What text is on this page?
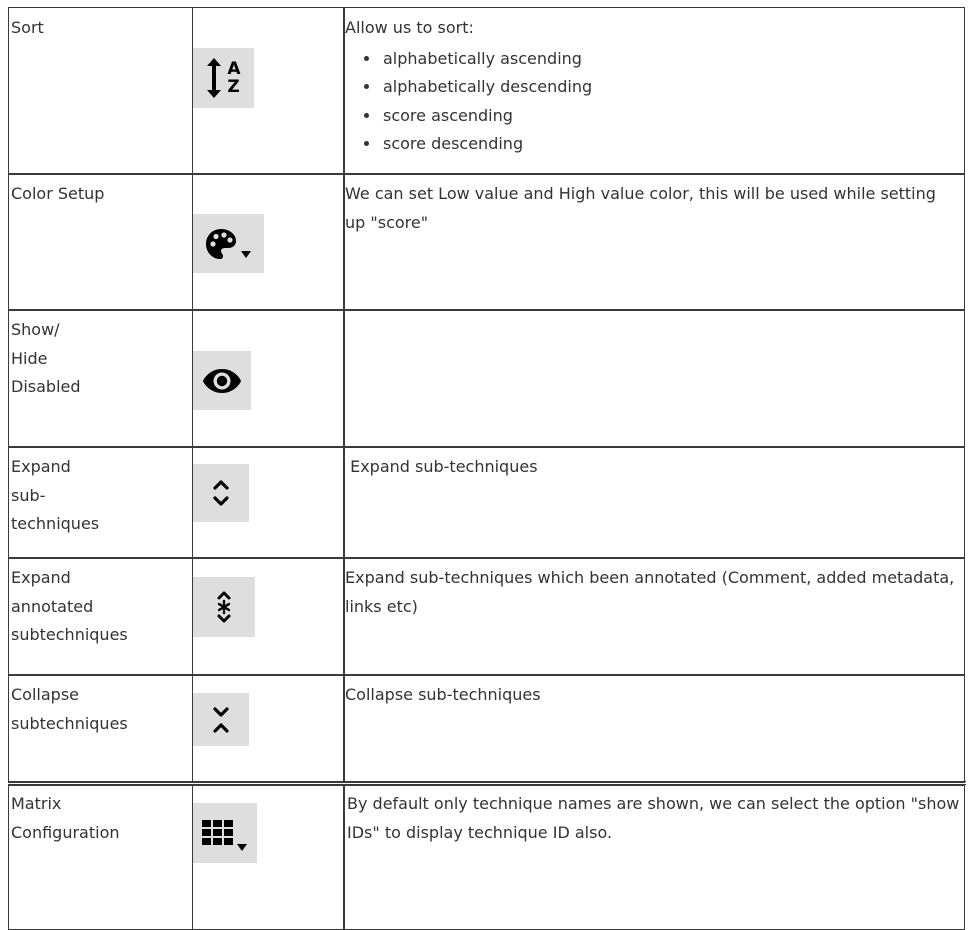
Sort
A
Z
Allow us to sort:
• alphabetically ascending
• alphabetically descending
• score ascending
• score descending
Color Setup	We can set Low value and High value color, this will be used while setting up "score"
Show/
Hide
Disabled
Expand
sub-
techniques
Expand sub-techniques
Expand
annotated
subtechniques
Expand sub-techniques which been annotated (Comment, added metadata, links etc)
Collapse
subtechniques
Collapse sub-techniques
Matrix
Configuration
By default only technique names are shown, we can select the option "show IDs" to display technique ID also.
